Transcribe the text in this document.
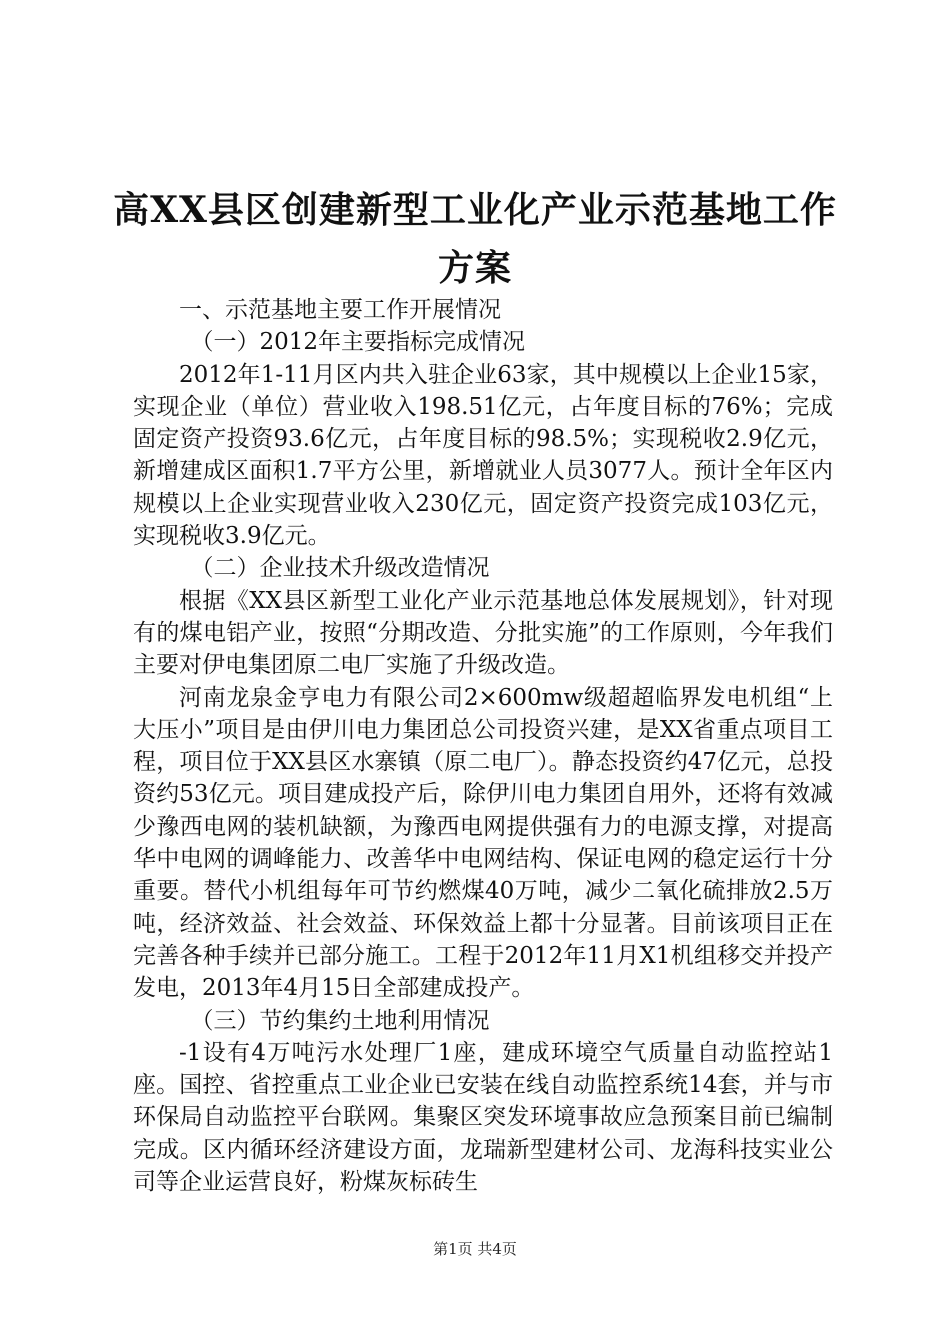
高XX县区创建新型工业化产业示范基地工作
方案

一、示范基地主要工作开展情况

（一）2012年主要指标完成情况

2012年1-11月区内共入驻企业63家，其中规模以上企业15家，实现企业（单位）营业收入198.51亿元，占年度目标的76%；完成固定资产投资93.6亿元，占年度目标的98.5%；实现税收2.9亿元，新增建成区面积1.7平方公里，新增就业人员3077人。预计全年区内规模以上企业实现营业收入230亿元，固定资产投资完成103亿元，实现税收3.9亿元。

（二）企业技术升级改造情况

根据《XX县区新型工业化产业示范基地总体发展规划》，针对现有的煤电铝产业，按照“分期改造、分批实施”的工作原则，今年我们主要对伊电集团原二电厂实施了升级改造。

河南龙泉金亨电力有限公司2×600mw级超超临界发电机组“上大压小”项目是由伊川电力集团总公司投资兴建，是XX省重点项目工程，项目位于XX县区水寨镇（原二电厂）。静态投资约47亿元，总投资约53亿元。项目建成投产后，除伊川电力集团自用外，还将有效减少豫西电网的装机缺额，为豫西电网提供强有力的电源支撑，对提高华中电网的调峰能力、改善华中电网结构、保证电网的稳定运行十分重要。替代小机组每年可节约燃煤40万吨，减少二氧化硫排放2.5万吨，经济效益、社会效益、环保效益上都十分显著。目前该项目正在完善各种手续并已部分施工。工程于2012年11月X1机组移交并投产发电，2013年4月15日全部建成投产。

（三）节约集约土地利用情况

-1设有4万吨污水处理厂1座，建成环境空气质量自动监控站1座。国控、省控重点工业企业已安装在线自动监控系统14套，并与市环保局自动监控平台联网。集聚区突发环境事故应急预案目前已编制完成。区内循环经济建设方面，龙瑞新型建材公司、龙海科技实业公司等企业运营良好，粉煤灰标砖生

第1页 共4页
